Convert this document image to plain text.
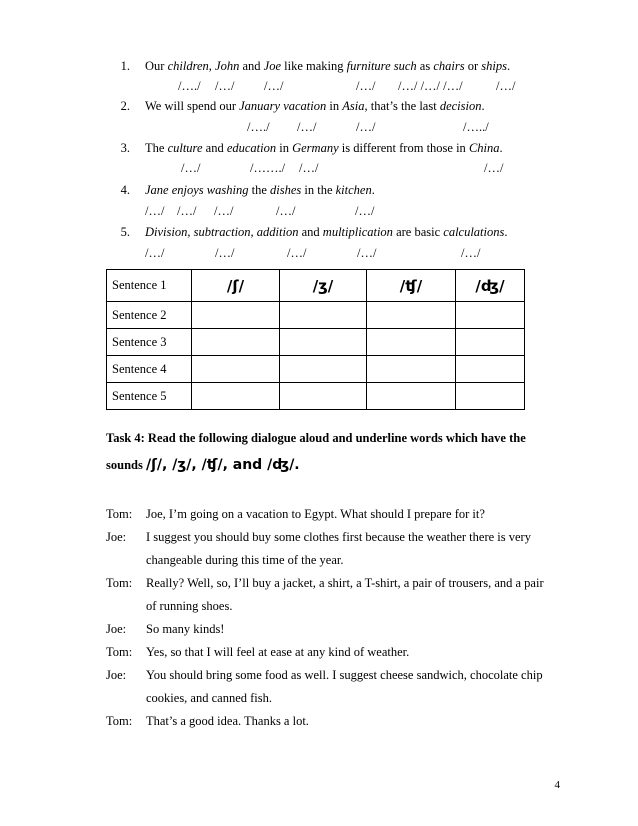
1. Our children, John and Joe like making furniture such as chairs or ships.
/…./ /…/ /…/	/…/ /…/ /…/ /…/	/…/
2. We will spend our January vacation in Asia, that’s the last decision.
/…./ /…/	/…/	/…../
3. The culture and education in Germany is different from those in China.
/…/	/……./ /…/	/…/
4. Jane enjoys washing the dishes in the kitchen.
/…/ /…/ /…/	/…/	/…/
5. Division, subtraction, addition and multiplication are basic calculations.
/…/	/…/	/…/	/…/	/…/
Sentence 1	/ʃ/	/ʒ/	/ʧ/	/ʤ/
Sentence 2				
Sentence 3				
Sentence 4				
Sentence 5				
Task 4: Read the following dialogue aloud and underline words which have the
sounds /ʃ/, /ʒ/, /ʧ/, and /ʤ/.
Tom:	Joe, I’m going on a vacation to Egypt. What should I prepare for it?
Joe:	I suggest you should buy some clothes first because the weather there is very
changeable during this time of the year.
Tom:	Really? Well, so, I’ll buy a jacket, a shirt, a T-shirt, a pair of trousers, and a pair
of running shoes.
Joe:	So many kinds!
Tom:	Yes, so that I will feel at ease at any kind of weather.
Joe:	You should bring some food as well. I suggest cheese sandwich, chocolate chip
cookies, and canned fish.
Tom:	That’s a good idea. Thanks a lot.
4
